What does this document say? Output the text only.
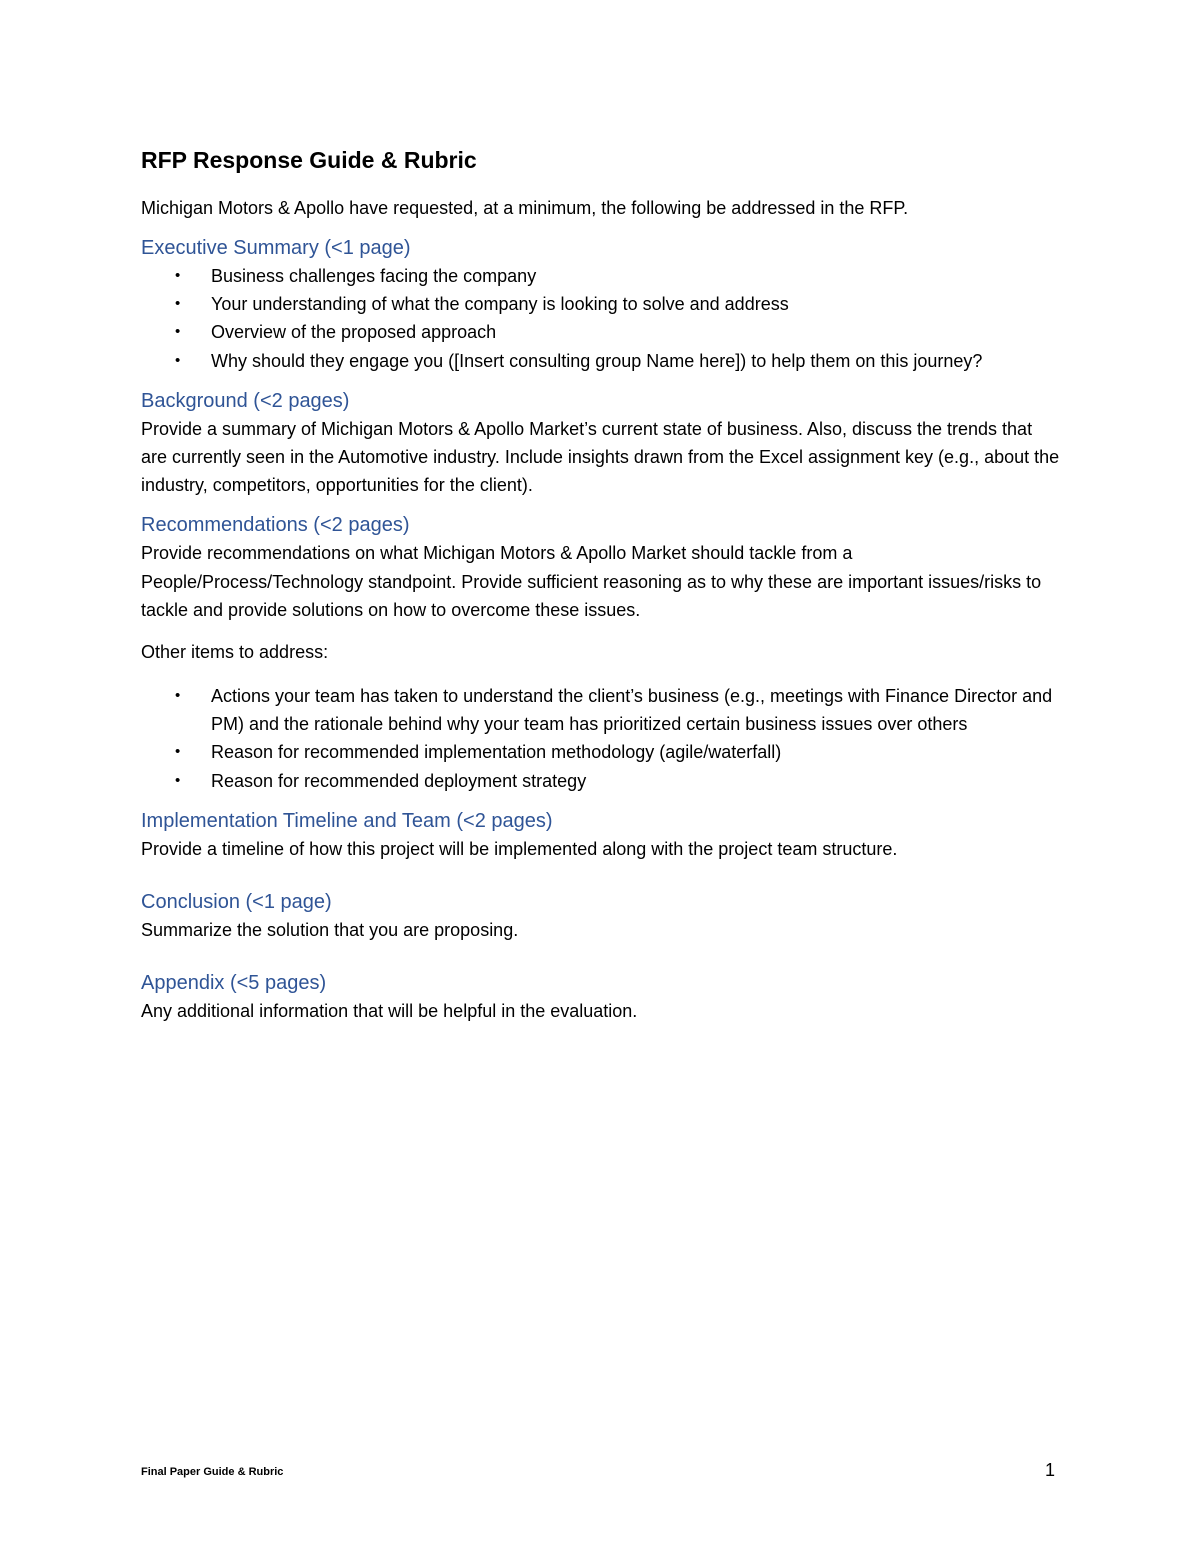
RFP Response Guide & Rubric

Michigan Motors & Apollo have requested, at a minimum, the following be addressed in the RFP.

Executive Summary (<1 page)
• Business challenges facing the company
• Your understanding of what the company is looking to solve and address
• Overview of the proposed approach
• Why should they engage you ([Insert consulting group Name here]) to help them on this journey?
Background (<2 pages)

Provide a summary of Michigan Motors & Apollo Market’s current state of business. Also, discuss the trends that are currently seen in the Automotive industry. Include insights drawn from the Excel assignment key (e.g., about the industry, competitors, opportunities for the client).

Recommendations (<2 pages)

Provide recommendations on what Michigan Motors & Apollo Market should tackle from a People/Process/Technology standpoint. Provide sufficient reasoning as to why these are important issues/risks to tackle and provide solutions on how to overcome these issues.

Other items to address:

• Actions your team has taken to understand the client’s business (e.g., meetings with Finance Director and PM) and the rationale behind why your team has prioritized certain business issues over others
• Reason for recommended implementation methodology (agile/waterfall)
• Reason for recommended deployment strategy
Implementation Timeline and Team (<2 pages)

Provide a timeline of how this project will be implemented along with the project team structure.

Conclusion (<1 page)

Summarize the solution that you are proposing.

Appendix (<5 pages)

Any additional information that will be helpful in the evaluation.

Final Paper Guide & Rubric	1
